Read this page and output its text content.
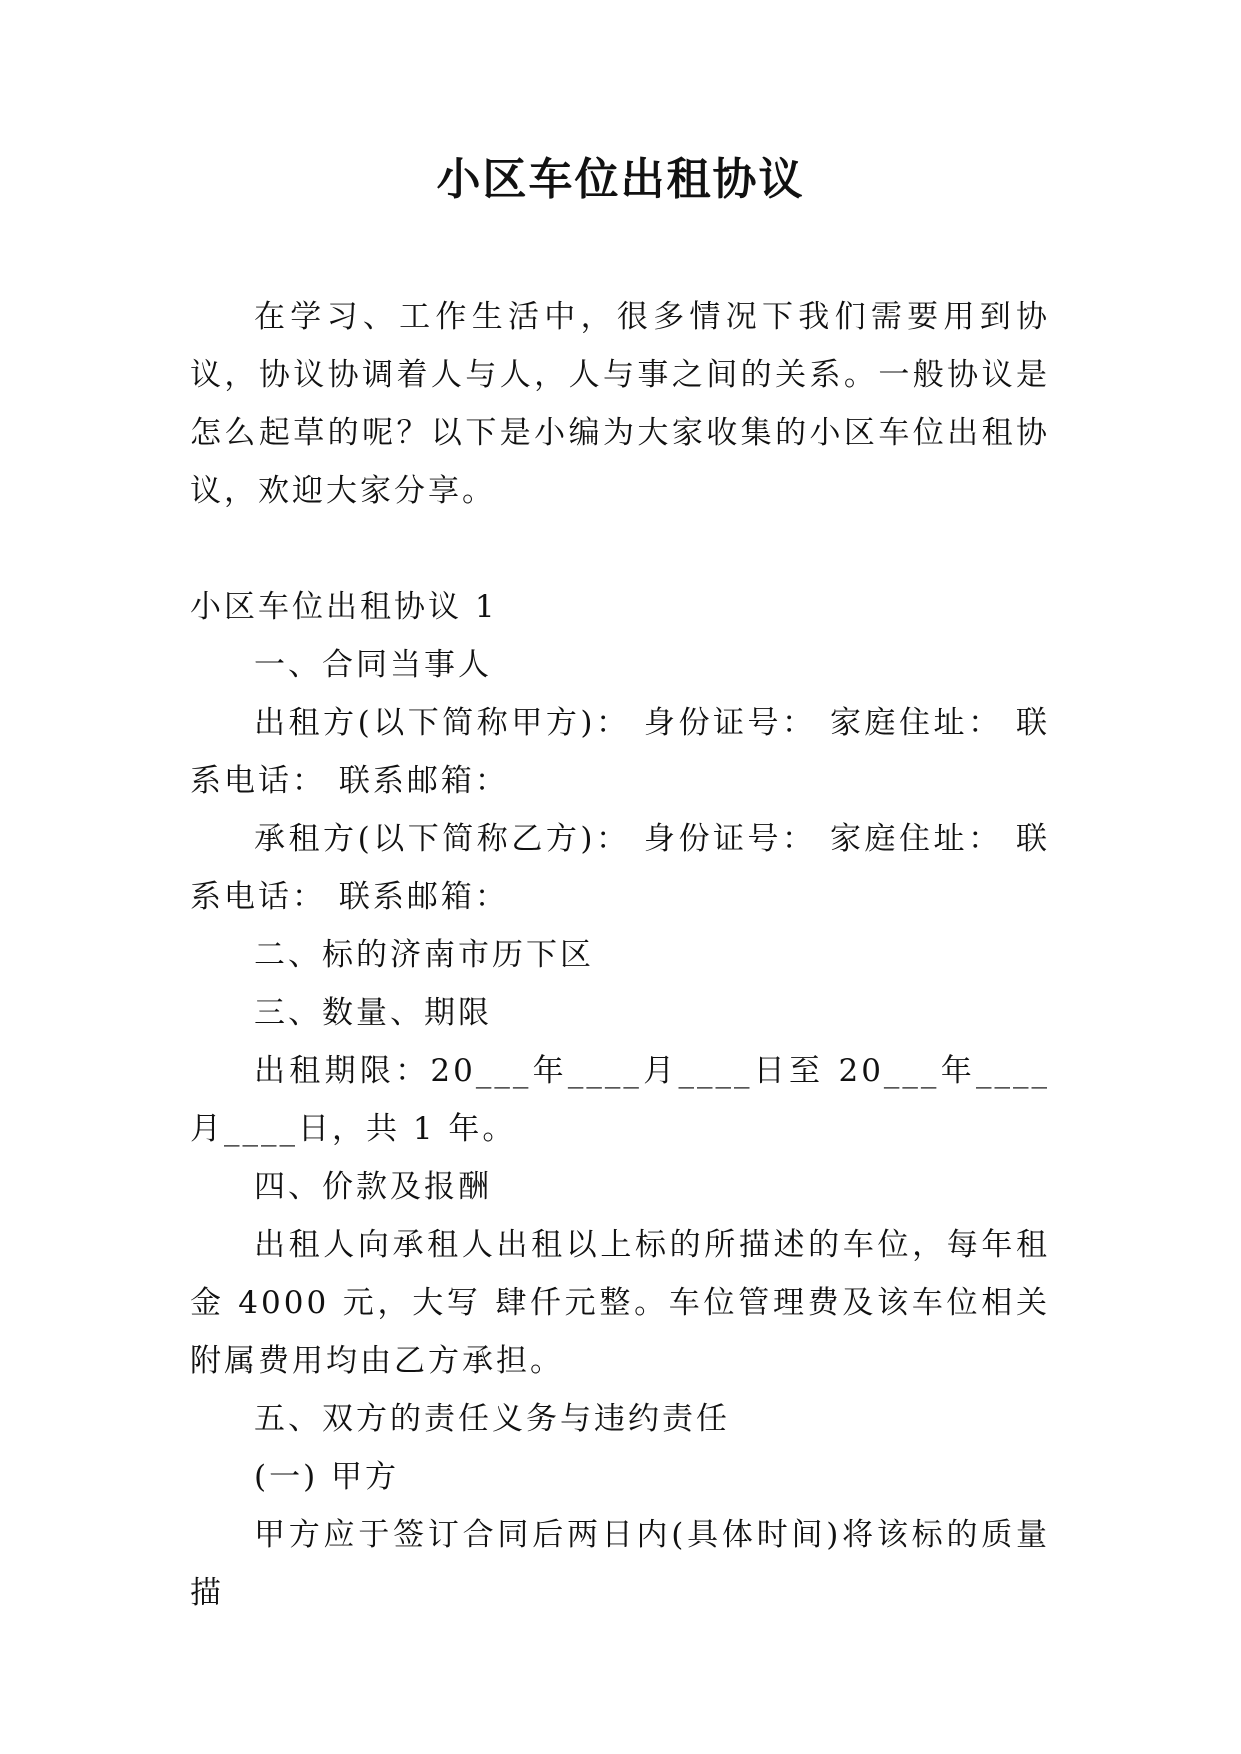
小区车位出租协议

在学习、工作生活中，很多情况下我们需要用到协议，协议协调着人与人，人与事之间的关系。一般协议是怎么起草的呢？以下是小编为大家收集的小区车位出租协议，欢迎大家分享。

小区车位出租协议 1

一、合同当事人

出租方(以下简称甲方)： 身份证号： 家庭住址： 联系电话： 联系邮箱：

承租方(以下简称乙方)： 身份证号： 家庭住址： 联系电话： 联系邮箱：

二、标的济南市历下区

三、数量、期限

出租期限：20___年____月____日至 20___年____月____日，共 1 年。

四、价款及报酬

出租人向承租人出租以上标的所描述的车位，每年租金 4000 元，大写 肆仟元整。车位管理费及该车位相关附属费用均由乙方承担。

五、双方的责任义务与违约责任

(一) 甲方

甲方应于签订合同后两日内(具体时间)将该标的质量描
